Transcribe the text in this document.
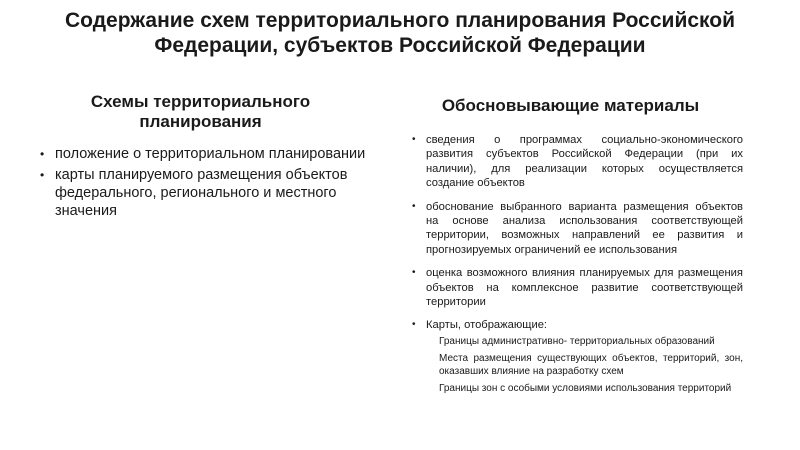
Содержание схем территориального планирования Российской Федерации, субъектов Российской Федерации
Схемы территориального планирования
• положение о территориальном планировании
• карты планируемого размещения объектов федерального, регионального и местного значения
Обосновывающие материалы
• сведения о программах социально-экономического развития субъектов Российской Федерации (при их наличии), для реализации которых осуществляется создание объектов
• обоснование выбранного варианта размещения объектов на основе анализа использования соответствующей территории, возможных направлений ее развития и прогнозируемых ограничений ее использования
• оценка возможного влияния планируемых для размещения объектов на комплексное развитие соответствующей территории
• Карты, отображающие:
Границы административно- территориальных образований
Места размещения существующих объектов, территорий, зон, оказавших влияние на разработку схем
Границы зон с особыми условиями использования территорий
